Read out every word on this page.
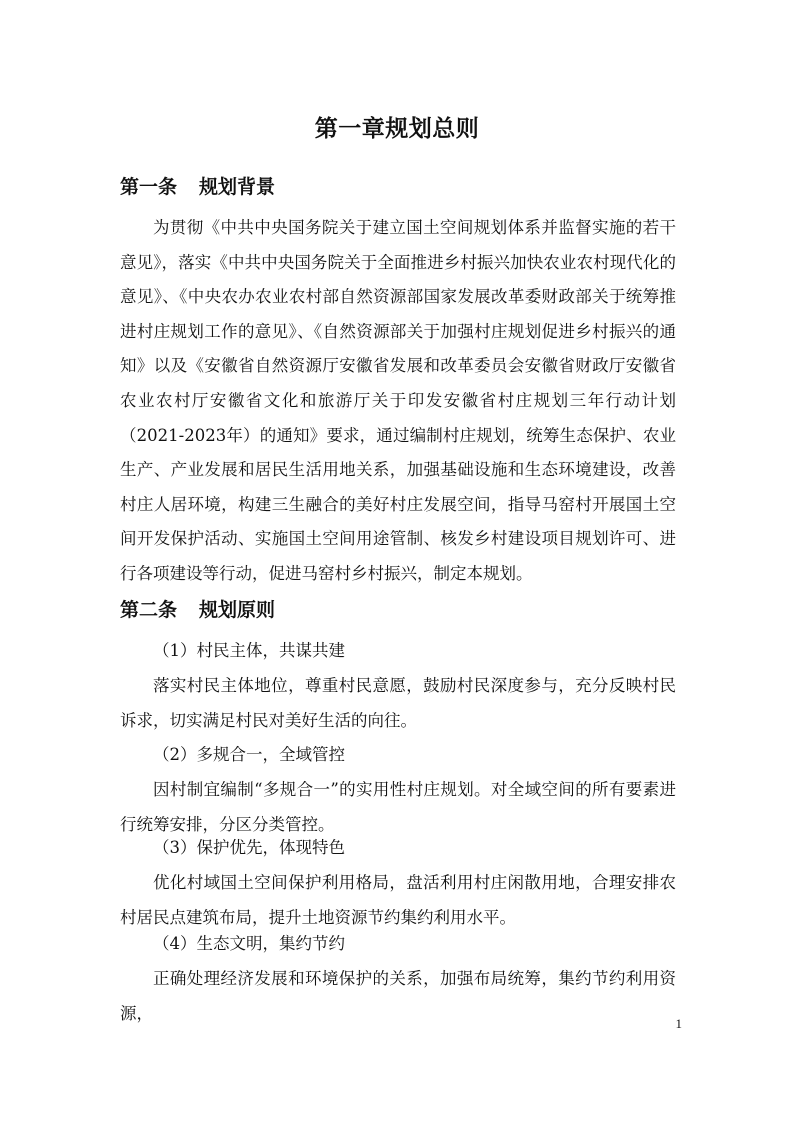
第一章规划总则
第一条 规划背景

为贯彻《中共中央国务院关于建立国土空间规划体系并监督实施的若干意见》，落实《中共中央国务院关于全面推进乡村振兴加快农业农村现代化的意见》、《中央农办农业农村部自然资源部国家发展改革委财政部关于统筹推进村庄规划工作的意见》、《自然资源部关于加强村庄规划促进乡村振兴的通知》以及《安徽省自然资源厅安徽省发展和改革委员会安徽省财政厅安徽省农业农村厅安徽省文化和旅游厅关于印发安徽省村庄规划三年行动计划（2021-2023年）的通知》要求，通过编制村庄规划，统筹生态保护、农业生产、产业发展和居民生活用地关系，加强基础设施和生态环境建设，改善村庄人居环境，构建三生融合的美好村庄发展空间，指导马窑村开展国土空间开发保护活动、实施国土空间用途管制、核发乡村建设项目规划许可、进行各项建设等行动，促进马窑村乡村振兴，制定本规划。

第二条 规划原则

（1）村民主体，共谋共建

落实村民主体地位，尊重村民意愿，鼓励村民深度参与，充分反映村民诉求，切实满足村民对美好生活的向往。

（2）多规合一，全域管控

因村制宜编制“多规合一”的实用性村庄规划。对全域空间的所有要素进行统筹安排，分区分类管控。

（3）保护优先，体现特色

优化村域国土空间保护利用格局，盘活利用村庄闲散用地，合理安排农村居民点建筑布局，提升土地资源节约集约利用水平。

（4）生态文明，集约节约

正确处理经济发展和环境保护的关系，加强布局统筹，集约节约利用资源，

1
